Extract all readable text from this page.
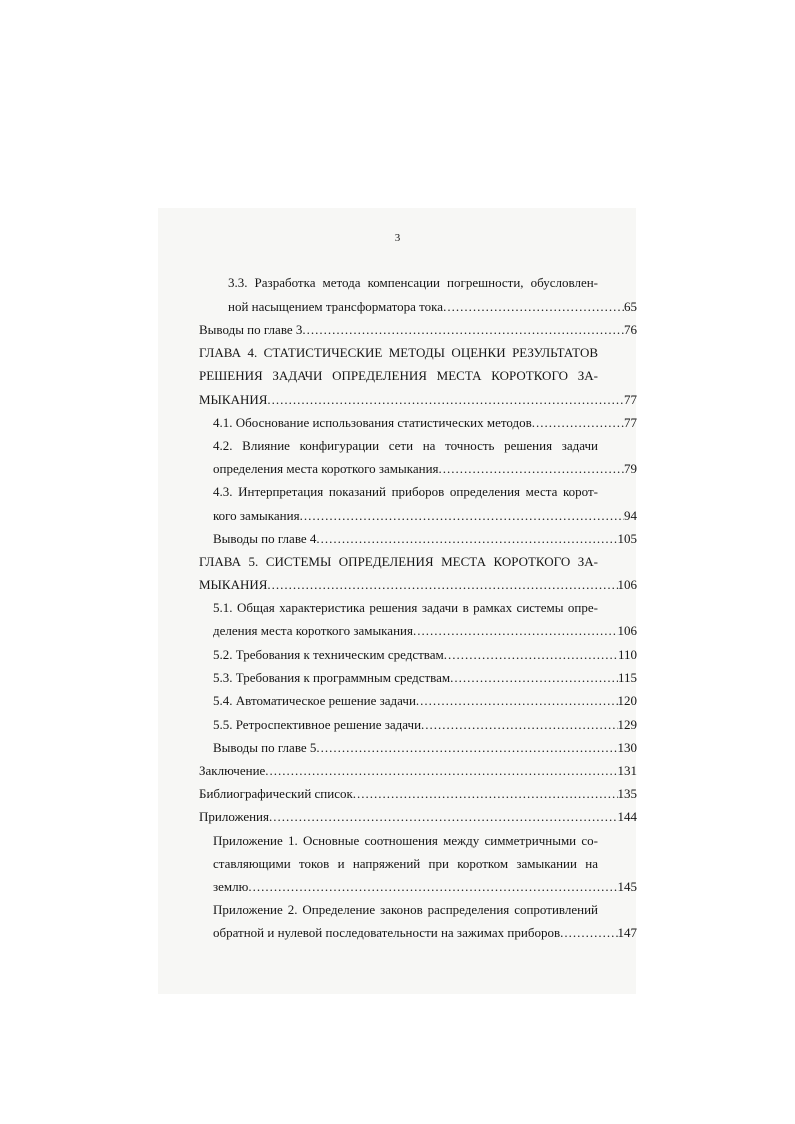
3
3.3. Разработка метода компенсации погрешности, обусловлен-
ной насыщением трансформатора тока .....	65
Выводы по главе 3 .....	76
ГЛАВА 4. СТАТИСТИЧЕСКИЕ МЕТОДЫ ОЦЕНКИ РЕЗУЛЬТАТОВ
РЕШЕНИЯ ЗАДАЧИ ОПРЕДЕЛЕНИЯ МЕСТА КОРОТКОГО ЗА-
МЫКАНИЯ .....	77
4.1. Обоснование использования статистических методов .....	77
4.2. Влияние конфигурации сети на точность решения задачи
определения места короткого замыкания .....	79
4.3. Интерпретация показаний приборов определения места корот-
кого замыкания .....	94
Выводы по главе 4 .....	105
ГЛАВА 5. СИСТЕМЫ ОПРЕДЕЛЕНИЯ МЕСТА КОРОТКОГО ЗА-
МЫКАНИЯ .....	106
5.1. Общая характеристика решения задачи в рамках системы опре-
деления места короткого замыкания .....	106
5.2. Требования к техническим средствам .....	110
5.3. Требования к программным средствам .....	115
5.4. Автоматическое решение задачи .....	120
5.5. Ретроспективное решение задачи .....	129
Выводы по главе 5 .....	130
Заключение .....	131
Библиографический список .....	135
Приложения .....	144
Приложение 1. Основные соотношения между симметричными со-
ставляющими токов и напряжений при коротком замыкании на
землю .....	145
Приложение 2. Определение законов распределения сопротивлений
обратной и нулевой последовательности на зажимах приборов .....	147
